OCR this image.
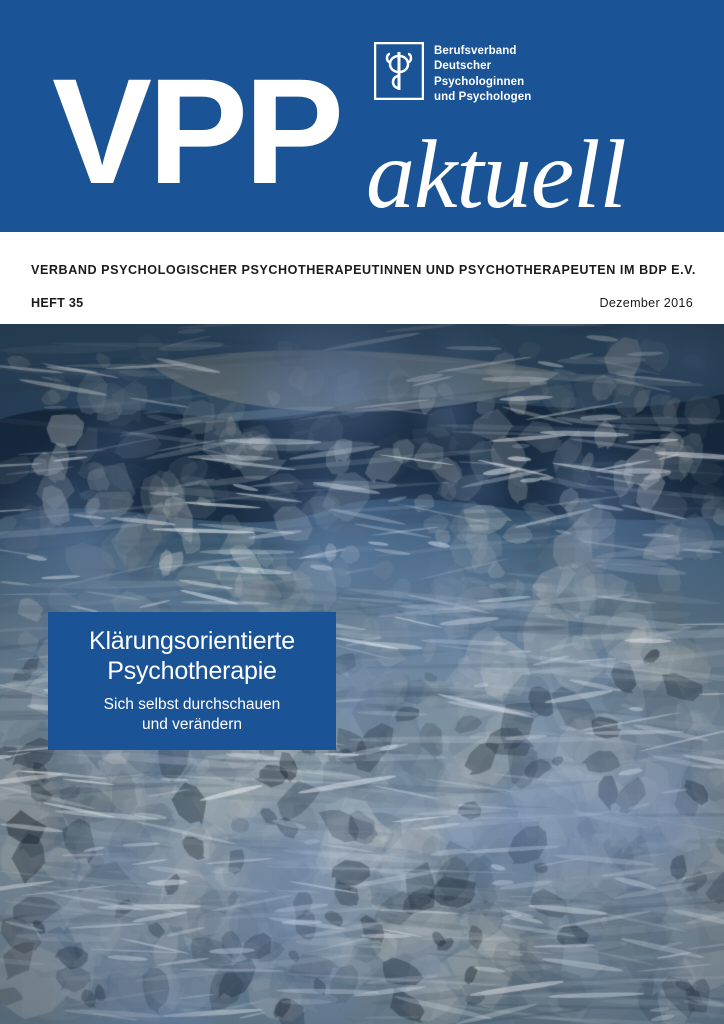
VPP aktuell
Berufsverband
Deutscher
Psychologinnen
und Psychologen
VERBAND PSYCHOLOGISCHER PSYCHOTHERAPEUTINNEN UND PSYCHOTHERAPEUTEN IM BDP E.V.
HEFT 35	Dezember 2016
Klärungsorientierte
Psychotherapie
Sich selbst durchschauen
und verändern
